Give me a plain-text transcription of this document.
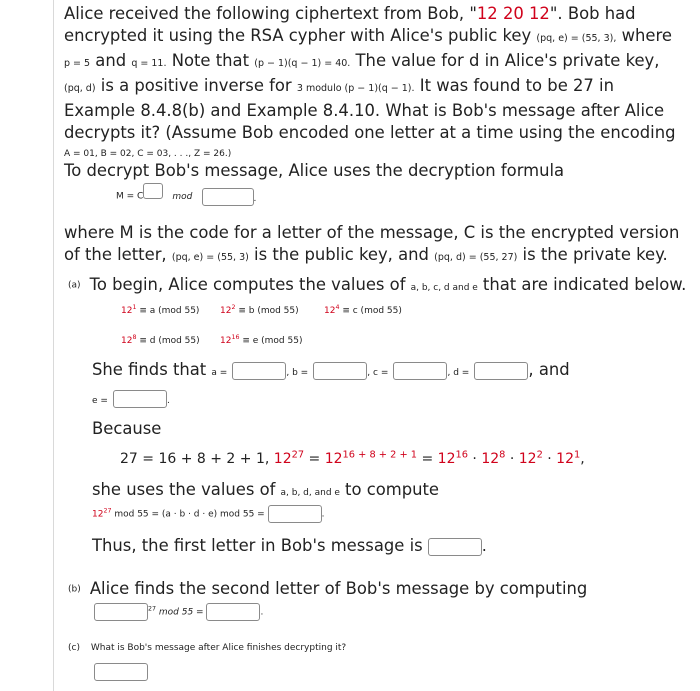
Alice received the following ciphertext from Bob, "12 20 12". Bob had
encrypted it using the RSA cypher with Alice's public key (pq, e) = (55, 3), where
p = 5 and q = 11. Note that (p − 1)(q − 1) = 40. The value for d in Alice's private key,
(pq, d) is a positive inverse for 3 modulo (p − 1)(q − 1). It was found to be 27 in
Example 8.4.8(b) and Example 8.4.10. What is Bob's message after Alice
decrypts it? (Assume Bob encoded one letter at a time using the encoding
A = 01, B = 02, C = 03, . . ., Z = 26.)
To decrypt Bob's message, Alice uses the decryption formula
M = C	mod	.
where M is the code for a letter of the message, C is the encrypted version
of the letter, (pq, e) = (55, 3) is the public key, and (pq, d) = (55, 27) is the private key.
(a) To begin, Alice computes the values of a, b, c, d and e that are indicated below.
$12^1 \equiv a$ (mod 55) $12^2 \equiv b$ (mod 55)	$12^4 \equiv c$ (mod 55)
$12^8 \equiv d$ (mod 55) $12^{16} \equiv e$ (mod 55)
She finds that a =	, b =	, c =	, d =	, and
e =	.
Because
27 = 16 + 8 + 2 + 1, $12^{27} = 12^{16 + 8 + 2 + 1} = 12^{16} \cdot 12^8 \cdot 12^2 \cdot 12^1$,
she uses the values of a, b, d, and e to compute
$12^{27}$ mod 55 = (a · b · d · e) mod 55 =	.
Thus, the first letter in Bob's message is	.
(b) Alice finds the second letter of Bob's message by computing
$^{27}$ mod 55 =	.
(c) What is Bob's message after Alice finishes decrypting it?
